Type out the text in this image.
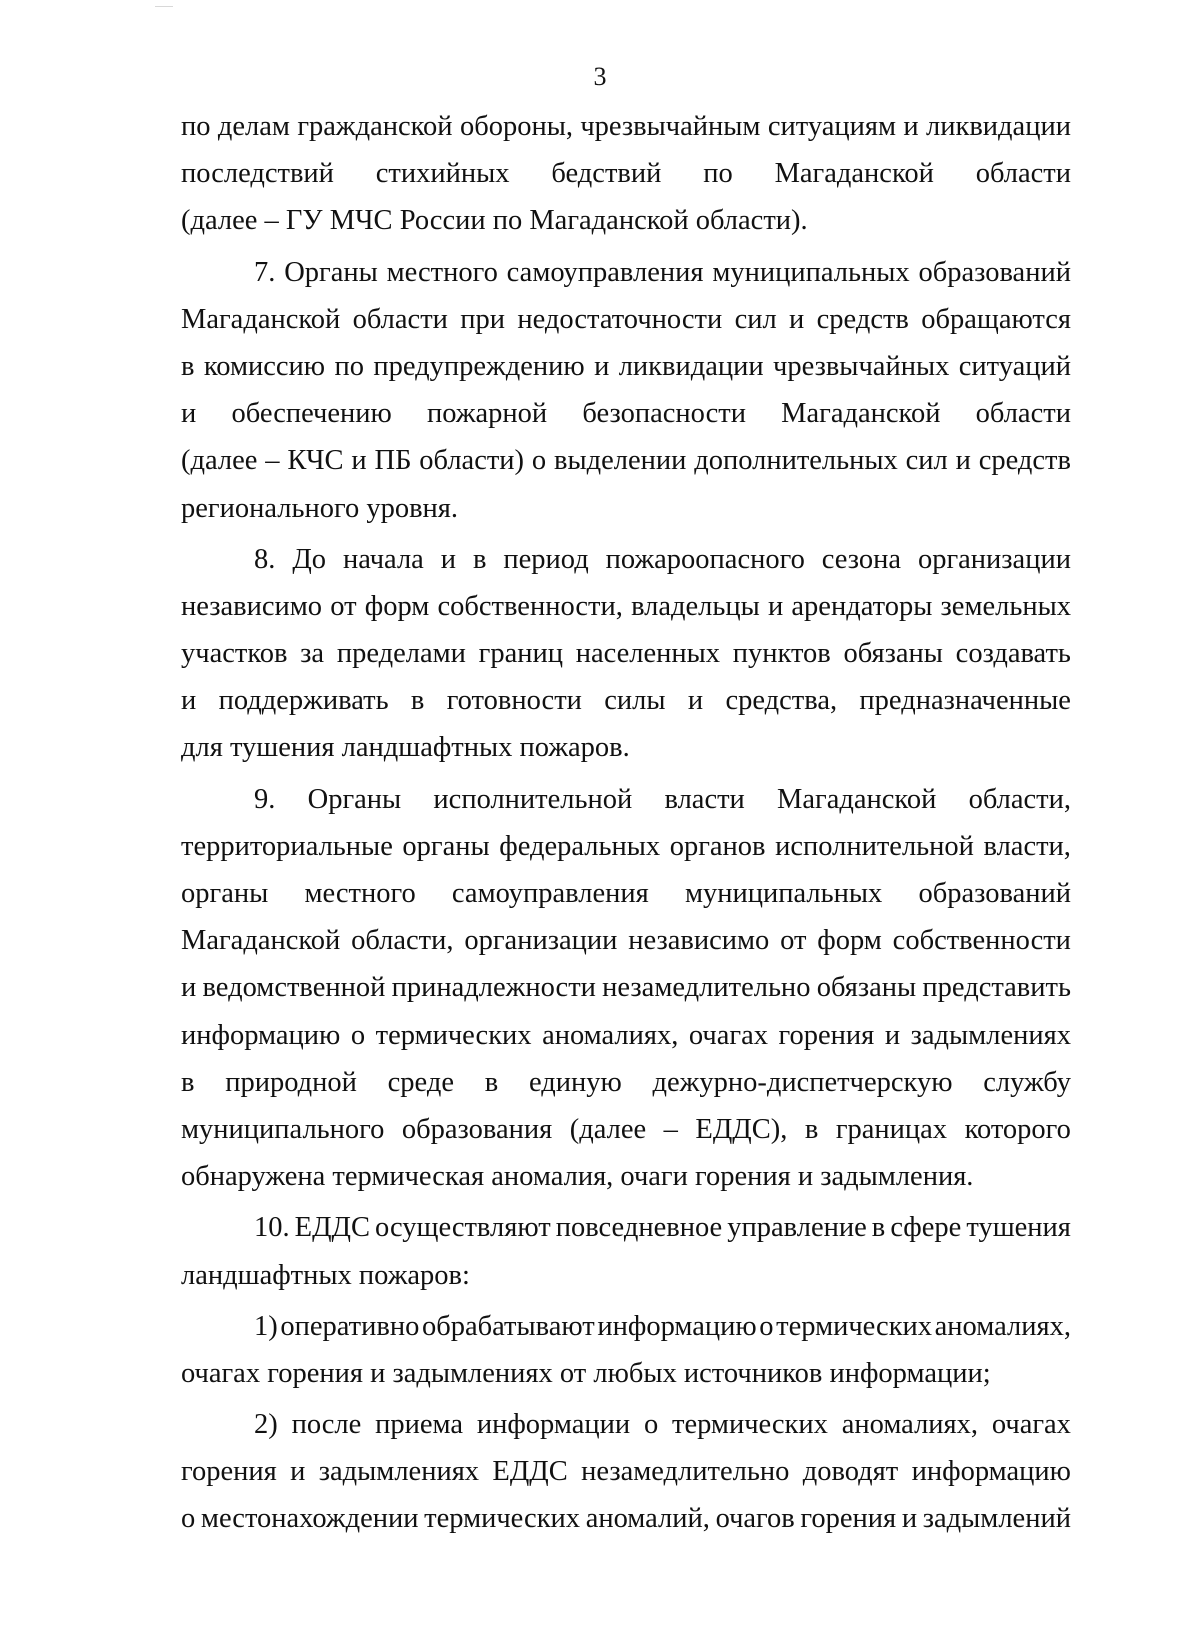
3
по делам гражданской обороны, чрезвычайным ситуациям и ликвидации
последствий стихийных бедствий по Магаданской области
(далее – ГУ МЧС России по Магаданской области).
7. Органы местного самоуправления муниципальных образований
Магаданской области при недостаточности сил и средств обращаются
в комиссию по предупреждению и ликвидации чрезвычайных ситуаций
и обеспечению пожарной безопасности Магаданской области
(далее – КЧС и ПБ области) о выделении дополнительных сил и средств
регионального уровня.
8. До начала и в период пожароопасного сезона организации
независимо от форм собственности, владельцы и арендаторы земельных
участков за пределами границ населенных пунктов обязаны создавать
и поддерживать в готовности силы и средства, предназначенные
для тушения ландшафтных пожаров.
9. Органы исполнительной власти Магаданской области,
территориальные органы федеральных органов исполнительной власти,
органы местного самоуправления муниципальных образований
Магаданской области, организации независимо от форм собственности
и ведомственной принадлежности незамедлительно обязаны представить
информацию о термических аномалиях, очагах горения и задымлениях
в природной среде в единую дежурно-диспетчерскую службу
муниципального образования (далее – ЕДДС), в границах которого
обнаружена термическая аномалия, очаги горения и задымления.
10. ЕДДС осуществляют повседневное управление в сфере тушения
ландшафтных пожаров:
1) оперативно обрабатывают информацию о термических аномалиях,
очагах горения и задымлениях от любых источников информации;
2) после приема информации о термических аномалиях, очагах
горения и задымлениях ЕДДС незамедлительно доводят информацию
о местонахождении термических аномалий, очагов горения и задымлений
